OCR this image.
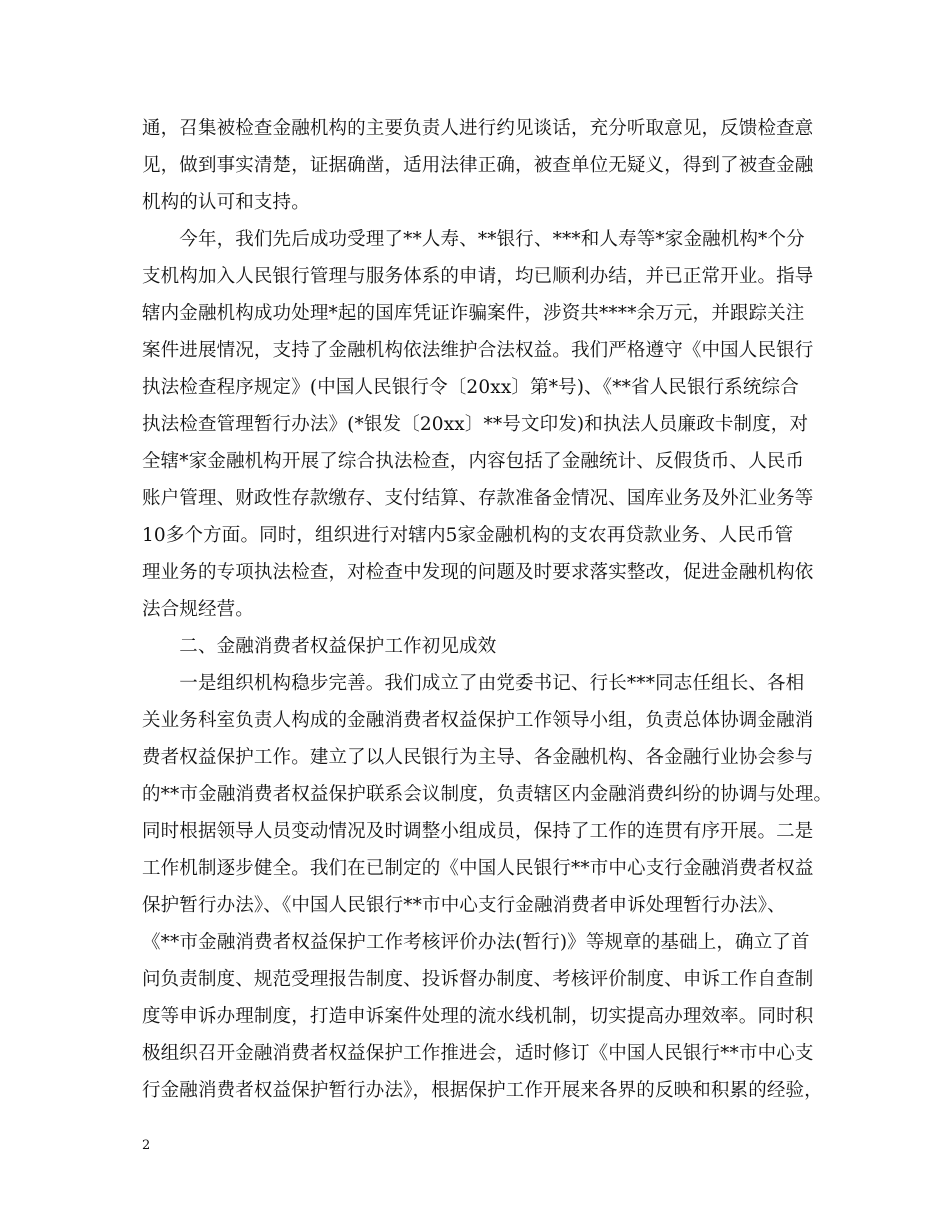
通，召集被检查金融机构的主要负责人进行约见谈话，充分听取意见，反馈检查意
见，做到事实清楚，证据确凿，适用法律正确，被查单位无疑义，得到了被查金融
机构的认可和支持。
　　今年，我们先后成功受理了**人寿、**银行、***和人寿等*家金融机构*个分
支机构加入人民银行管理与服务体系的申请，均已顺利办结，并已正常开业。指导
辖内金融机构成功处理*起的国库凭证诈骗案件，涉资共****余万元，并跟踪关注
案件进展情况，支持了金融机构依法维护合法权益。我们严格遵守《中国人民银行
执法检查程序规定》(中国人民银行令〔20xx〕第*号)、《**省人民银行系统综合
执法检查管理暂行办法》(*银发〔20xx〕**号文印发)和执法人员廉政卡制度，对
全辖*家金融机构开展了综合执法检查，内容包括了金融统计、反假货币、人民币
账户管理、财政性存款缴存、支付结算、存款准备金情况、国库业务及外汇业务等
10多个方面。同时，组织进行对辖内5家金融机构的支农再贷款业务、人民币管
理业务的专项执法检查，对检查中发现的问题及时要求落实整改，促进金融机构依
法合规经营。
　　二、金融消费者权益保护工作初见成效
　　一是组织机构稳步完善。我们成立了由党委书记、行长***同志任组长、各相
关业务科室负责人构成的金融消费者权益保护工作领导小组，负责总体协调金融消
费者权益保护工作。建立了以人民银行为主导、各金融机构、各金融行业协会参与
的**市金融消费者权益保护联系会议制度，负责辖区内金融消费纠纷的协调与处理。
同时根据领导人员变动情况及时调整小组成员，保持了工作的连贯有序开展。二是
工作机制逐步健全。我们在已制定的《中国人民银行**市中心支行金融消费者权益
保护暂行办法》、《中国人民银行**市中心支行金融消费者申诉处理暂行办法》、
《**市金融消费者权益保护工作考核评价办法(暂行)》等规章的基础上，确立了首
问负责制度、规范受理报告制度、投诉督办制度、考核评价制度、申诉工作自查制
度等申诉办理制度，打造申诉案件处理的流水线机制，切实提高办理效率。同时积
极组织召开金融消费者权益保护工作推进会，适时修订《中国人民银行**市中心支
行金融消费者权益保护暂行办法》，根据保护工作开展来各界的反映和积累的经验，
2
